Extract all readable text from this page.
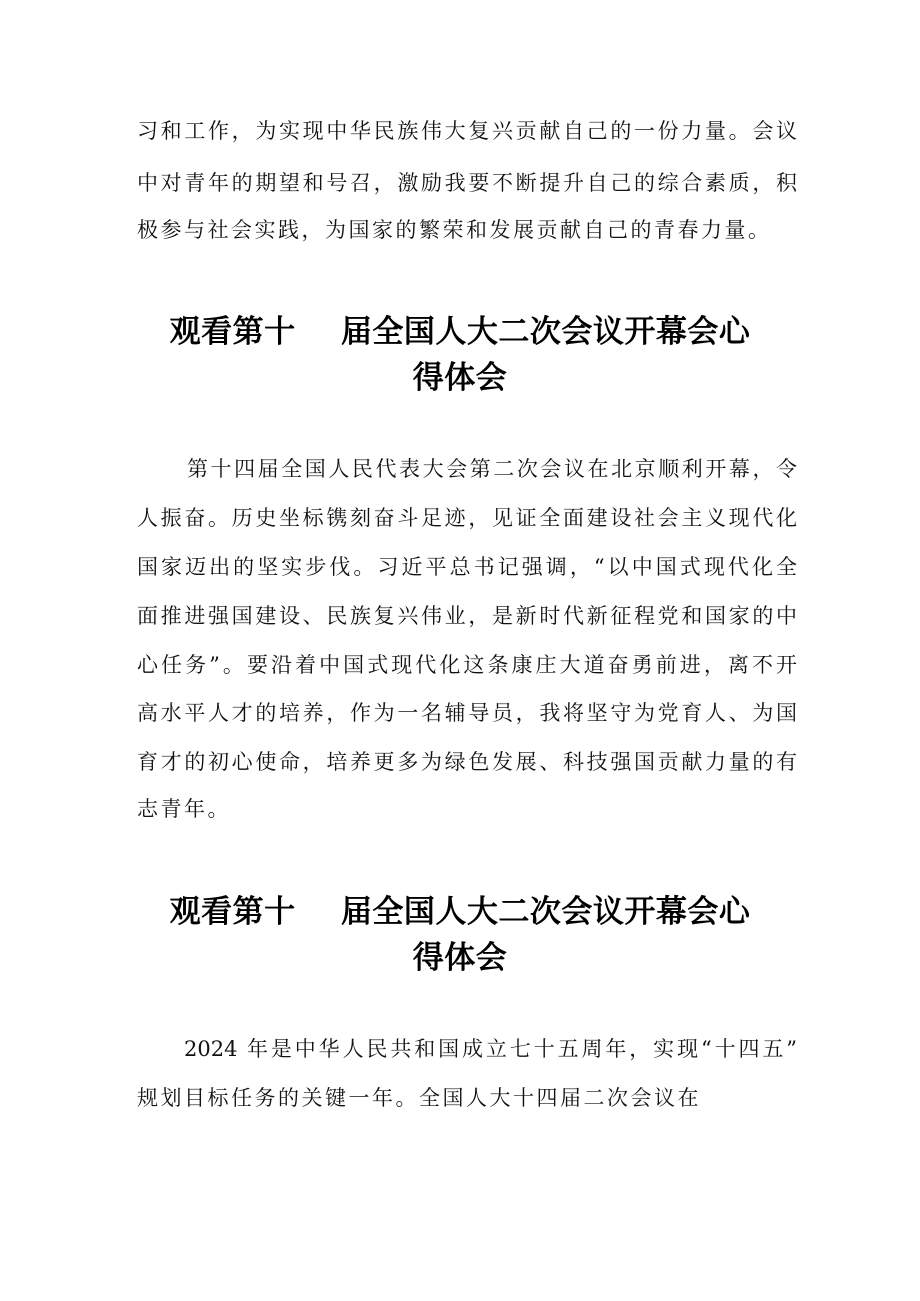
习和工作，为实现中华民族伟大复兴贡献自己的一份力量。会议
中对青年的期望和号召，激励我要不断提升自己的综合素质，积
极参与社会实践，为国家的繁荣和发展贡献自己的青春力量。
观看第十    届全国人大二次会议开幕会心
得体会
第十四届全国人民代表大会第二次会议在北京顺利开幕，令
人振奋。历史坐标镌刻奋斗足迹，见证全面建设社会主义现代化
国家迈出的坚实步伐。习近平总书记强调，“以中国式现代化全
面推进强国建设、民族复兴伟业，是新时代新征程党和国家的中
心任务”。要沿着中国式现代化这条康庄大道奋勇前进，离不开
高水平人才的培养，作为一名辅导员，我将坚守为党育人、为国
育才的初心使命，培养更多为绿色发展、科技强国贡献力量的有
志青年。
观看第十    届全国人大二次会议开幕会心
得体会
2024 年是中华人民共和国成立七十五周年，实现“十四五”
规划目标任务的关键一年。全国人大十四届二次会议在
